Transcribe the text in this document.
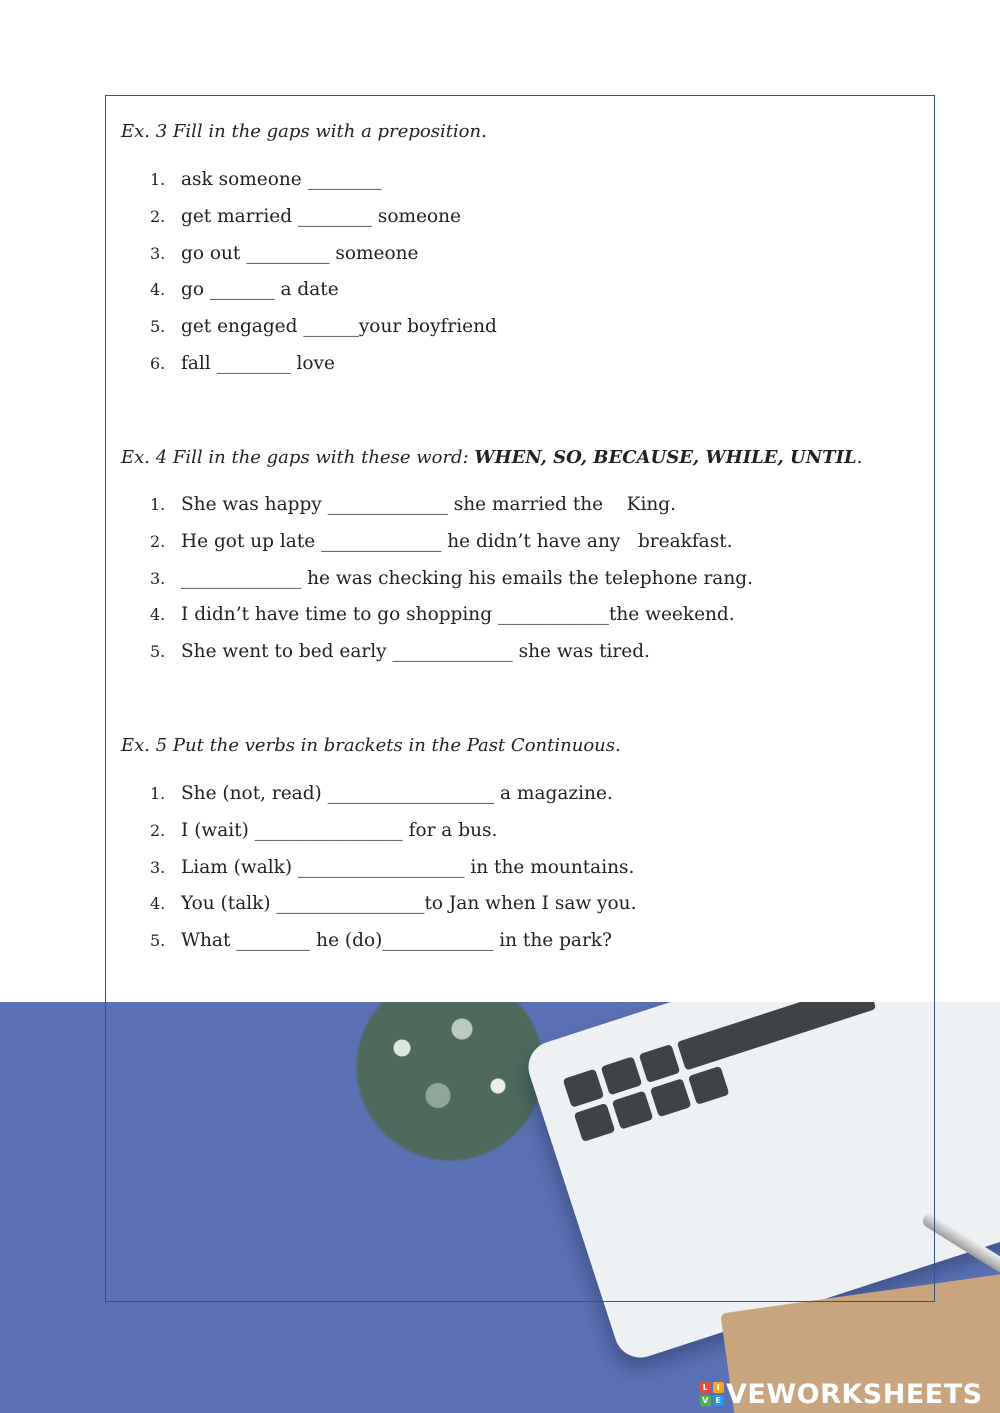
Ex. 3 Fill in the gaps with a preposition.
1. ask someone ________
2. get married ________ someone
3. go out _________ someone
4. go _______ a date
5. get engaged ______your boyfriend
6. fall ________ love
Ex. 4 Fill in the gaps with these word: WHEN, SO, BECAUSE, WHILE, UNTIL.
1. She was happy _____________ she married the    King.
2. He got up late _____________ he didn’t have any   breakfast.
3. _____________ he was checking his emails the telephone rang.
4. I didn’t have time to go shopping ____________the weekend.
5. She went to bed early _____________ she was tired.
Ex. 5 Put the verbs in brackets in the Past Continuous.
1. She (not, read) __________________ a magazine.
2. I (wait) ________________ for a bus.
3. Liam (walk) __________________ in the mountains.
4. You (talk) ________________to Jan when I saw you.
5. What ________ he (do)____________ in the park?
L	I
V E VEWORKSHEETS
